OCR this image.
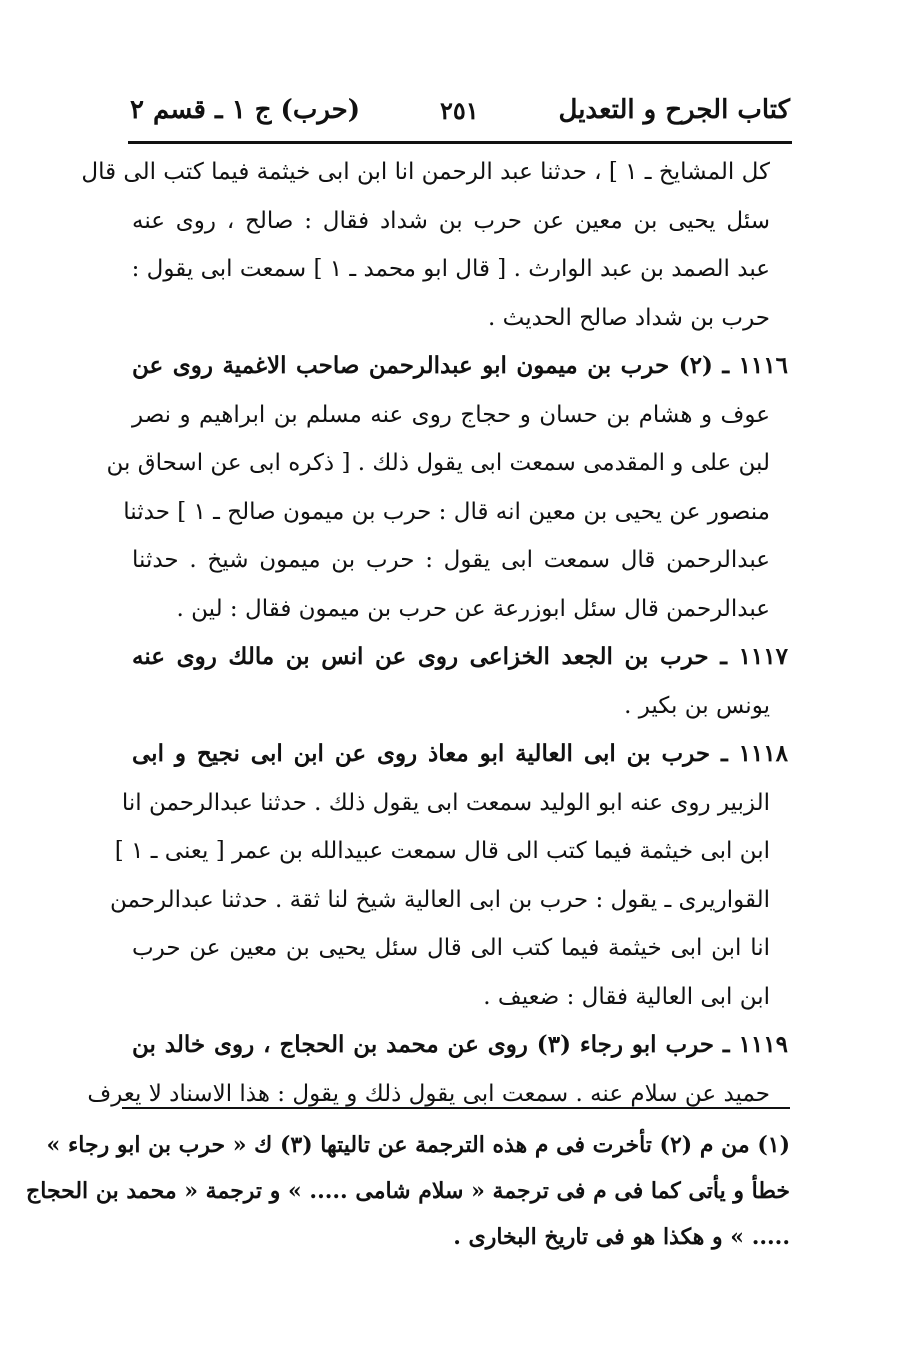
كتاب الجرح و التعديل
٢٥١
(حرب) ج ١ ـ قسم ٢
كل المشايخ ـ ١ ] ، حدثنا عبد الرحمن انا ابن ابى خيثمة فيما كتب الى قال
سئل يحيى بن معين عن حرب بن شداد فقال : صالح ، روى عنه
عبد الصمد بن عبد الوارث . [ قال ابو محمد ـ ١ ] سمعت ابى يقول :
حرب بن شداد صالح الحديث .
١١١٦ ـ (٢) حرب بن ميمون ابو عبدالرحمن صاحب الاغمية روى عن
عوف و هشام بن حسان و حجاج روى عنه مسلم بن ابراهيم و نصر
لبن على و المقدمى سمعت ابى يقول ذلك . [ ذكره ابى عن اسحاق بن
منصور عن يحيى بن معين انه قال : حرب بن ميمون صالح ـ ١ ] حدثنا
عبدالرحمن قال سمعت ابى يقول : حرب بن ميمون شيخ . حدثنا
عبدالرحمن قال سئل ابوزرعة عن حرب بن ميمون فقال : لين .
١١١٧ ـ حرب بن الجعد الخزاعى روى عن انس بن مالك روى عنه
يونس بن بكير .
١١١٨ ـ حرب بن ابى العالية ابو معاذ روى عن ابن ابى نجيح و ابى
الزبير روى عنه ابو الوليد سمعت ابى يقول ذلك . حدثنا عبدالرحمن انا
ابن ابى خيثمة فيما كتب الى قال سمعت عبيدالله بن عمر [ يعنى ـ ١ ]
القواريرى ـ يقول : حرب بن ابى العالية شيخ لنا ثقة . حدثنا عبدالرحمن
انا ابن ابى خيثمة فيما كتب الى قال سئل يحيى بن معين عن حرب
ابن ابى العالية فقال : ضعيف .
١١١٩ ـ حرب ابو رجاء (٣) روى عن محمد بن الحجاج ، روى خالد بن
حميد عن سلام عنه . سمعت ابى يقول ذلك و يقول : هذا الاسناد لا يعرف
(١) من م (٢) تأخرت فى م هذه الترجمة عن تاليتها (٣) ك « حرب بن ابو رجاء »
خطأ و يأتى كما فى م فى ترجمة « سلام شامى ..... » و ترجمة « محمد بن الحجاج
..... » و هكذا هو فى تاريخ البخارى .
